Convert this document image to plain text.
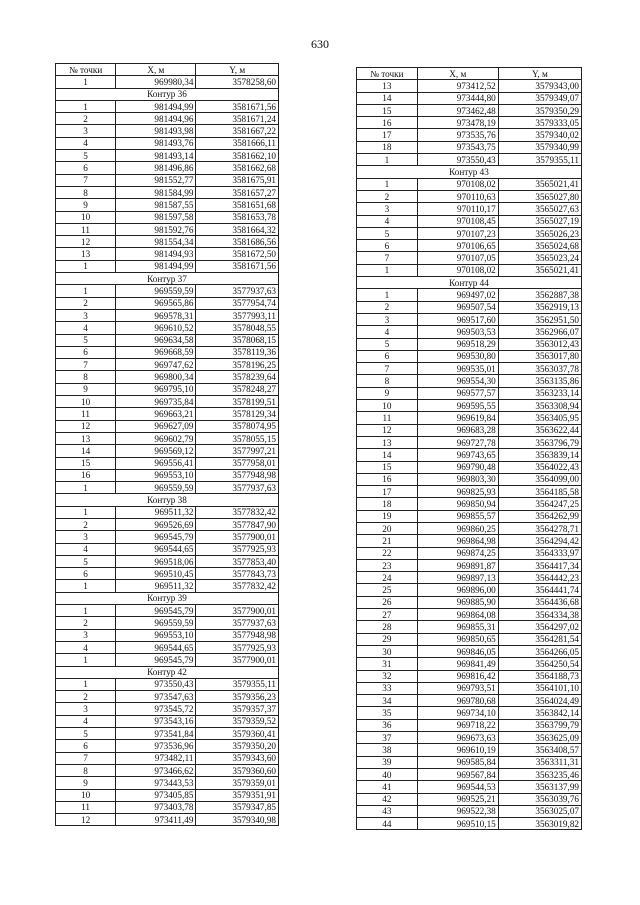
630
№ точки	X, м	Y, м
1	969980,34	3578258,60
Контур 36		
1	981494,99	3581671,56
2	981494,96	3581671,24
3	981493,98	3581667,22
4	981493,76	3581666,11
5	981493,14	3581662,10
6	981496,86	3581662,68
7	981552,77	3581675,91
8	981584,99	3581657,27
9	981587,55	3581651,68
10	981597,58	3581653,78
11	981592,76	3581664,32
12	981554,34	3581686,56
13	981494,93	3581672,50
1	981494,99	3581671,56
Контур 37		
1	969559,59	3577937,63
2	969565,86	3577954,74
3	969578,31	3577993,11
4	969610,52	3578048,55
5	969634,58	3578068,15
6	969668,59	3578119,36
7	969747,62	3578196,25
8	969800,34	3578239,64
9	969795,10	3578248,27
10	969735,84	3578199,51
11	969663,21	3578129,34
12	969627,09	3578074,95
13	969602,79	3578055,15
14	969569,12	3577997,21
15	969556,41	3577958,01
16	969553,10	3577948,98
1	969559,59	3577937,63
Контур 38		
1	969511,32	3577832,42
2	969526,69	3577847,90
3	969545,79	3577900,01
4	969544,65	3577925,93
5	969518,06	3577853,40
6	969510,45	3577843,73
1	969511,32	3577832,42
Контур 39		
1	969545,79	3577900,01
2	969559,59	3577937,63
3	969553,10	3577948,98
4	969544,65	3577925,93
1	969545,79	3577900,01
Контур 42		
1	973550,43	3579355,11
2	973547,63	3579356,23
3	973545,72	3579357,37
4	973543,16	3579359,52
5	973541,84	3579360,41
6	973536,96	3579350,20
7	973482,11	3579343,60
8	973466,62	3579360,60
9	973443,53	3579359,01
10	973405,85	3579351,91
11	973403,78	3579347,85
12	973411,49	3579340,98
№ точки	X, м	Y, м
13	973412,52	3579343,00
14	973444,80	3579349,07
15	973462,48	3579350,29
16	973478,19	3579333,05
17	973535,76	3579340,02
18	973543,75	3579340,99
1	973550,43	3579355,11
Контур 43		
1	970108,02	3565021,41
2	970110,63	3565027,80
3	970110,17	3565027,63
4	970108,45	3565027,19
5	970107,23	3565026,23
6	970106,65	3565024,68
7	970107,05	3565023,24
1	970108,02	3565021,41
Контур 44		
1	969497,02	3562887,38
2	969507,54	3562919,13
3	969517,60	3562951,50
4	969503,53	3562966,07
5	969518,29	3563012,43
6	969530,80	3563017,80
7	969535,01	3563037,78
8	969554,30	3563135,86
9	969577,57	3563233,14
10	969595,55	3563308,94
11	969619,84	3563405,95
12	969683,28	3563622,44
13	969727,78	3563796,79
14	969743,65	3563839,14
15	969790,48	3564022,43
16	969803,30	3564099,00
17	969825,93	3564185,58
18	969850,94	3564247,25
19	969855,57	3564262,99
20	969860,25	3564278,71
21	969864,98	3564294,42
22	969874,25	3564333,97
23	969891,87	3564417,34
24	969897,13	3564442,23
25	969896,00	3564441,74
26	969885,90	3564436,68
27	969864,08	3564334,38
28	969855,31	3564297,02
29	969850,65	3564281,54
30	969846,05	3564266,05
31	969841,49	3564250,54
32	969816,42	3564188,73
33	969793,51	3564101,10
34	969780,68	3564024,49
35	969734,10	3563842,14
36	969718,22	3563799,79
37	969673,63	3563625,09
38	969610,19	3563408,57
39	969585,84	3563311,31
40	969567,84	3563235,46
41	969544,53	3563137,99
42	969525,21	3563039,76
43	969522,38	3563025,07
44	969510,15	3563019,82
